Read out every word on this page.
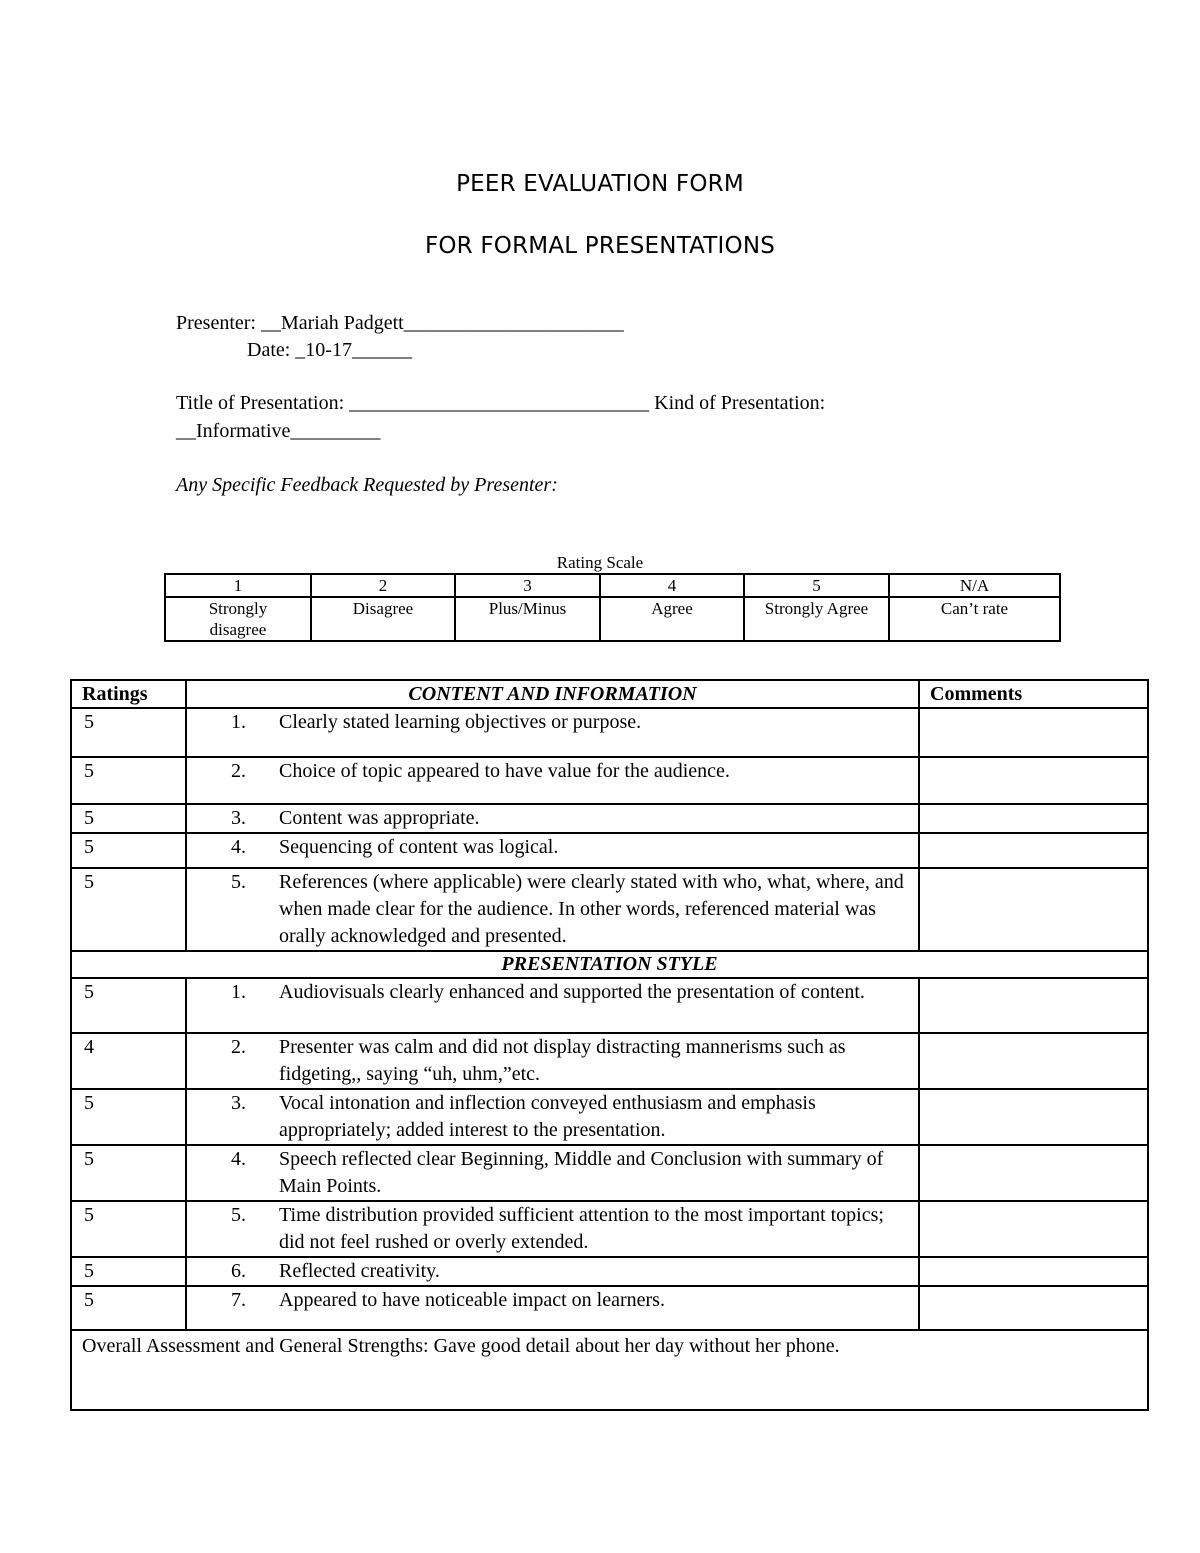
PEER EVALUATION FORM
FOR FORMAL PRESENTATIONS
Presenter: __Mariah Padgett______________________
Date: _10-17______
Title of Presentation: ______________________________ Kind of Presentation:
__Informative_________
Any Specific Feedback Requested by Presenter:
Rating Scale
1	2	3	4	5	N/A
Strongly disagree	Disagree	Plus/Minus	Agree	Strongly Agree	Can’t rate
Ratings	CONTENT AND INFORMATION	Comments
5	1. Clearly stated learning objectives or purpose.	

5	2. Choice of topic appeared to have value for the audience.	

5	3. Content was appropriate.	

5	4. Sequencing of content was logical.	

5	5. References (where applicable) were clearly stated with who, what, where, and when made clear for the audience. In other words, referenced material was orally acknowledged and presented.	

PRESENTATION STYLE		
5	1. Audiovisuals clearly enhanced and supported the presentation of content.	

4	2. Presenter was calm and did not display distracting mannerisms such as fidgeting,, saying “uh, uhm,”etc.	

5	3. Vocal intonation and inflection conveyed enthusiasm and emphasis appropriately; added interest to the presentation.	

5	4. Speech reflected clear Beginning, Middle and Conclusion with summary of Main Points.	

5	5. Time distribution provided sufficient attention to the most important topics; did not feel rushed or overly extended.	

5	6. Reflected creativity.	

5	7. Appeared to have noticeable impact on learners.	

Overall Assessment and General Strengths: Gave good detail about her day without her phone.		
